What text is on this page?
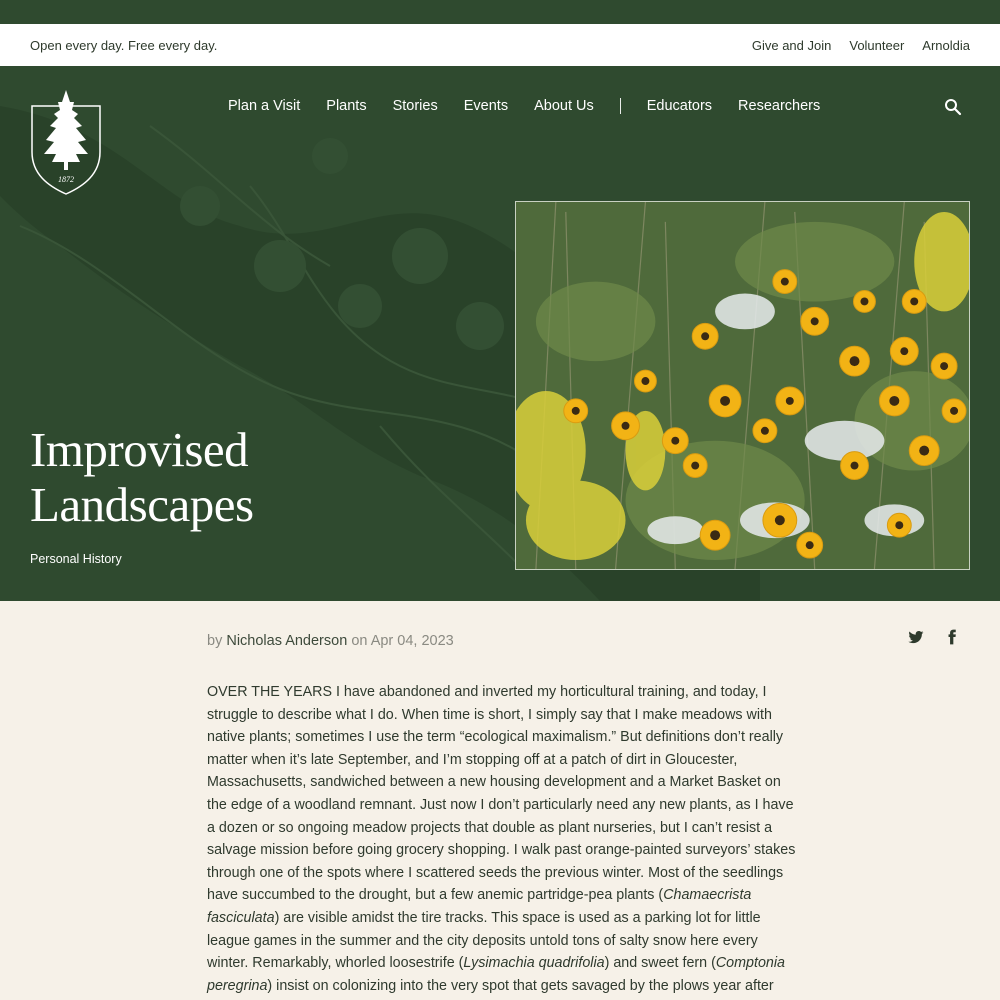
Open every day. Free every day.	Give and Join Volunteer Arnoldia
1872
Plan a Visit Plants Stories Events About Us	Educators Researchers
Improvised
Landscapes
Personal History
by Nicholas Anderson on Apr 04, 2023

OVER THE YEARS I have abandoned and inverted my horticultural training, and today, I struggle to describe what I do. When time is short, I simply say that I make meadows with native plants; sometimes I use the term “ecological maximalism.” But definitions don’t really matter when it’s late September, and I’m stopping off at a patch of dirt in Gloucester, Massachusetts, sandwiched between a new housing development and a Market Basket on the edge of a woodland remnant. Just now I don’t particularly need any new plants, as I have a dozen or so ongoing meadow projects that double as plant nurseries, but I can’t resist a salvage mission before going grocery shopping. I walk past orange-painted surveyors’ stakes through one of the spots where I scattered seeds the previous winter. Most of the seedlings have succumbed to the drought, but a few anemic partridge-pea plants (Chamaecrista fasciculata) are visible amidst the tire tracks. This space is used as a parking lot for little league games in the summer and the city deposits untold tons of salty snow here every winter. Remarkably, whorled loosestrife (Lysimachia quadrifolia) and sweet fern (Comptonia peregrina) insist on colonizing into the very spot that gets savaged by the plows year after
